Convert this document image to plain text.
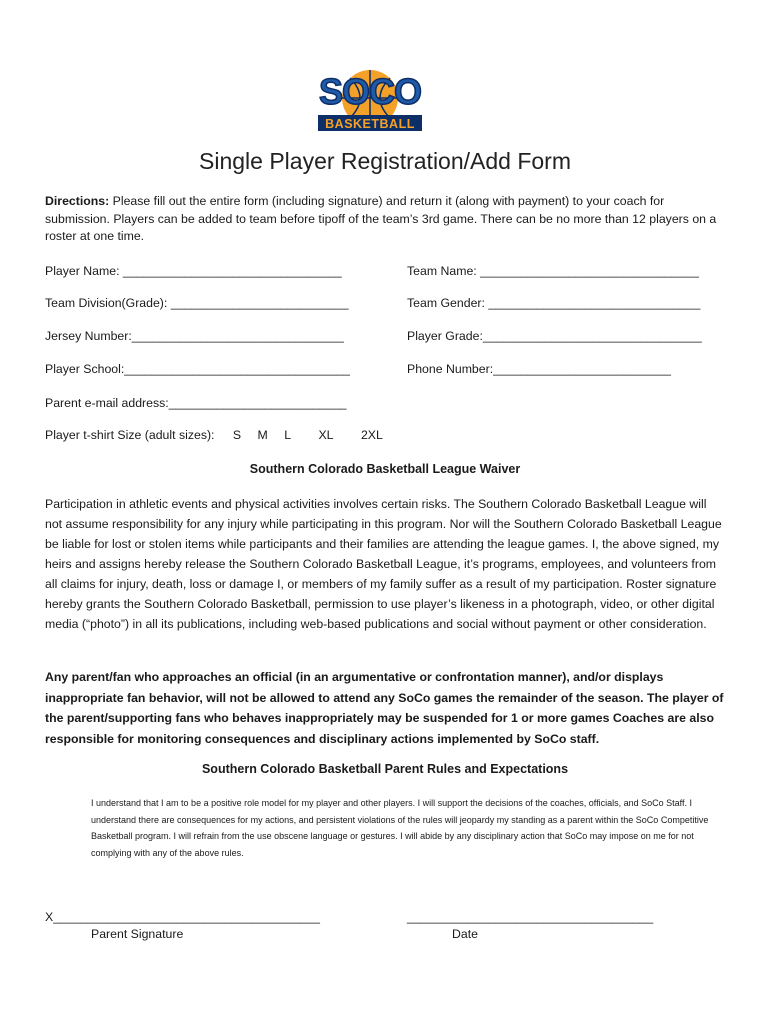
SOCO
BASKETBALL
Single Player Registration/Add Form
Directions: Please fill out the entire form (including signature) and return it (along with payment) to your coach for submission. Players can be added to team before tipoff of the team’s 3rd game. There can be no more than 12 players on a roster at one time.
Player Name: ________________________________	Team Name: ________________________________
Team Division(Grade): __________________________	Team Gender: _______________________________
Jersey Number:_______________________________	Player Grade:________________________________
Player School:_________________________________	Phone Number:__________________________
Parent e-mail address:__________________________
Player t-shirt Size (adult sizes): S M L XL 2XL
Southern Colorado Basketball League Waiver
Participation in athletic events and physical activities involves certain risks. The Southern Colorado Basketball League will not assume responsibility for any injury while participating in this program. Nor will the Southern Colorado Basketball League be liable for lost or stolen items while participants and their families are attending the league games. I, the above signed, my heirs and assigns hereby release the Southern Colorado Basketball League, it’s programs, employees, and volunteers from all claims for injury, death, loss or damage I, or members of my family suffer as a result of my participation. Roster signature hereby grants the Southern Colorado Basketball, permission to use player’s likeness in a photograph, video, or other digital media (“photo”) in all its publications, including web-based publications and social without payment or other consideration.
Any parent/fan who approaches an official (in an argumentative or confrontation manner), and/or displays inappropriate fan behavior, will not be allowed to attend any SoCo games the remainder of the season. The player of the parent/supporting fans who behaves inappropriately may be suspended for 1 or more games Coaches are also responsible for monitoring consequences and disciplinary actions implemented by SoCo staff.
Southern Colorado Basketball Parent Rules and Expectations
I understand that I am to be a positive role model for my player and other players. I will support the decisions of the coaches, officials, and SoCo Staff. I understand there are consequences for my actions, and persistent violations of the rules will jeopardy my standing as a parent within the SoCo Competitive Basketball program. I will refrain from the use obscene language or gestures. I will abide by any disciplinary action that SoCo may impose on me for not complying with any of the above rules.
X_______________________________________
Parent Signature
____________________________________
Date
